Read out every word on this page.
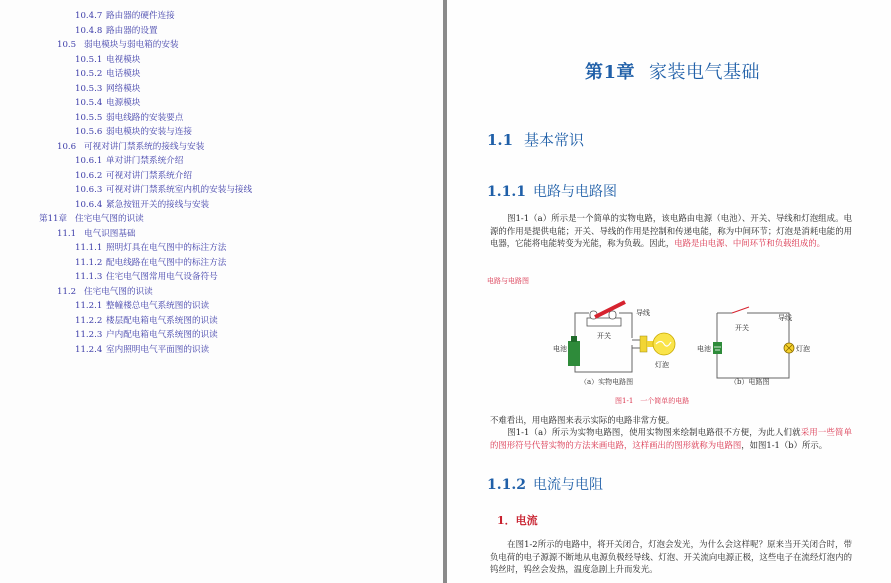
10.4.7 路由器的硬件连接
10.4.8 路由器的设置
10.5 弱电模块与弱电箱的安装
10.5.1 电视模块
10.5.2 电话模块
10.5.3 网络模块
10.5.4 电源模块
10.5.5 弱电线路的安装要点
10.5.6 弱电模块的安装与连接
10.6 可视对讲门禁系统的接线与安装
10.6.1 单对讲门禁系统介绍
10.6.2 可视对讲门禁系统介绍
10.6.3 可视对讲门禁系统室内机的安装与接线
10.6.4 紧急按钮开关的接线与安装
第11章 住宅电气图的识读
11.1 电气识图基础
11.1.1 照明灯具在电气图中的标注方法
11.1.2 配电线路在电气图中的标注方法
11.1.3 住宅电气图常用电气设备符号
11.2 住宅电气图的识读
11.2.1 整幢楼总电气系统图的识读
11.2.2 楼层配电箱电气系统图的识读
11.2.3 户内配电箱电气系统图的识读
11.2.4 室内照明电气平面图的识读
第1章 家装电气基础
1.1 基本常识
1.1.1 电路与电路图
图1-1（a）所示是一个简单的实物电路，该电路由电源（电池）、开关、导线和灯泡组成。电源的作用是提供电能；开关、导线的作用是控制和传递电能，称为中间环节；灯泡是消耗电能的用电器，它能将电能转变为光能，称为负载。因此，电路是由电源、中间环节和负载组成的。
电路与电路图
开关
导线
电池
灯泡
（a）实物电路图
开关
导线
电池	灯泡
（b）电路图
图1-1　一个简单的电路
不难看出，用电路图来表示实际的电路非常方便。
图1-1（a）所示为实物电路图，使用实物图来绘制电路很不方便，为此人们就采用一些简单的图形符号代替实物的方法来画电路，这样画出的图形就称为电路图，如图1-1（b）所示。
1.1.2 电流与电阻
1．电流
在图1-2所示的电路中，将开关闭合，灯泡会发光，为什么会这样呢？原来当开关闭合时，带负电荷的电子源源不断地从电源负极经导线、灯泡、开关流向电源正极，这些电子在流经灯泡内的钨丝时，钨丝会发热，温度急剧上升而发光。
